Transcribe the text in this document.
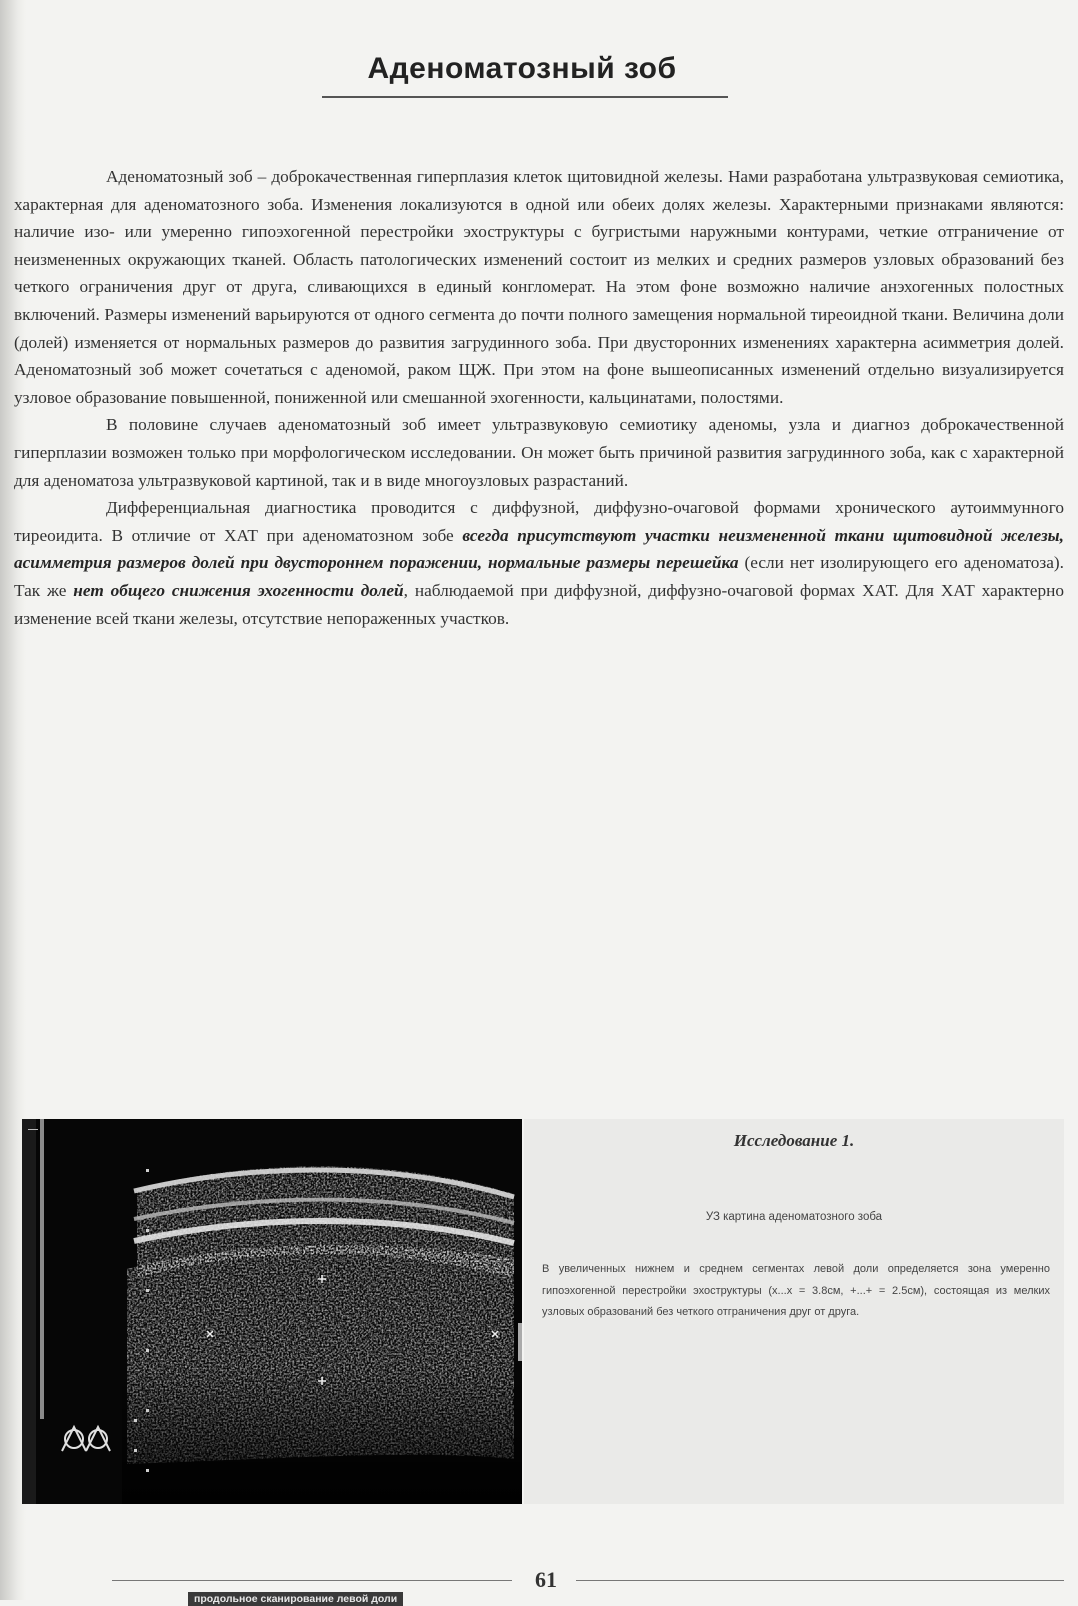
Аденоматозный зоб

Аденоматозный зоб – доброкачественная гиперплазия клеток щитовидной железы. Нами разработана ультразвуковая семиотика, характерная для аденоматозного зоба. Изменения локализуются в одной или обеих долях железы. Характерными признаками являются: наличие изо- или умеренно гипоэхогенной перестройки эхоструктуры с бугристыми наружными контурами, четкие отграничение от неизмененных окружающих тканей. Область патологических изменений состоит из мелких и средних размеров узловых образований без четкого ограничения друг от друга, сливающихся в единый конгломерат. На этом фоне возможно наличие анэхогенных полостных включений. Размеры изменений варьируются от одного сегмента до почти полного замещения нормальной тиреоидной ткани. Величина доли (долей) изменяется от нормальных размеров до развития загрудинного зоба. При двусторонних изменениях характерна асимметрия долей. Аденоматозный зоб может сочетаться с аденомой, раком ЩЖ. При этом на фоне вышеописанных изменений отдельно визуализируется узловое образование повышенной, пониженной или смешанной эхогенности, кальцинатами, полостями.

В половине случаев аденоматозный зоб имеет ультразвуковую семиотику аденомы, узла и диагноз доброкачественной гиперплазии возможен только при морфологическом исследовании. Он может быть причиной развития загрудинного зоба, как с характерной для аденоматоза ультразвуковой картиной, так и в виде многоузловых разрастаний.

Дифференциальная диагностика проводится с диффузной, диффузно-очаговой формами хронического аутоиммунного тиреоидита. В отличие от ХАТ при аденоматозном зобе всегда присутствуют участки неизмененной ткани щитовидной железы, асимметрия размеров долей при двустороннем поражении, нормальные размеры перешейка (если нет изолирующего его аденоматоза). Так же нет общего снижения эхогенности долей, наблюдаемой при диффузной, диффузно-очаговой формах ХАТ. Для ХАТ характерно изменение всей ткани железы, отсутствие непораженных участков.

продольное сканирование левой доли
Исследование 1.
УЗ картина аденоматозного зоба
В увеличенных нижнем и среднем сегментах левой доли определяется зона умеренно гипоэхогенной перестройки эхоструктуры (x...x = 3.8см, +...+ = 2.5см), состоящая из мелких узловых образований без четкого отграничения друг от друга.
61
